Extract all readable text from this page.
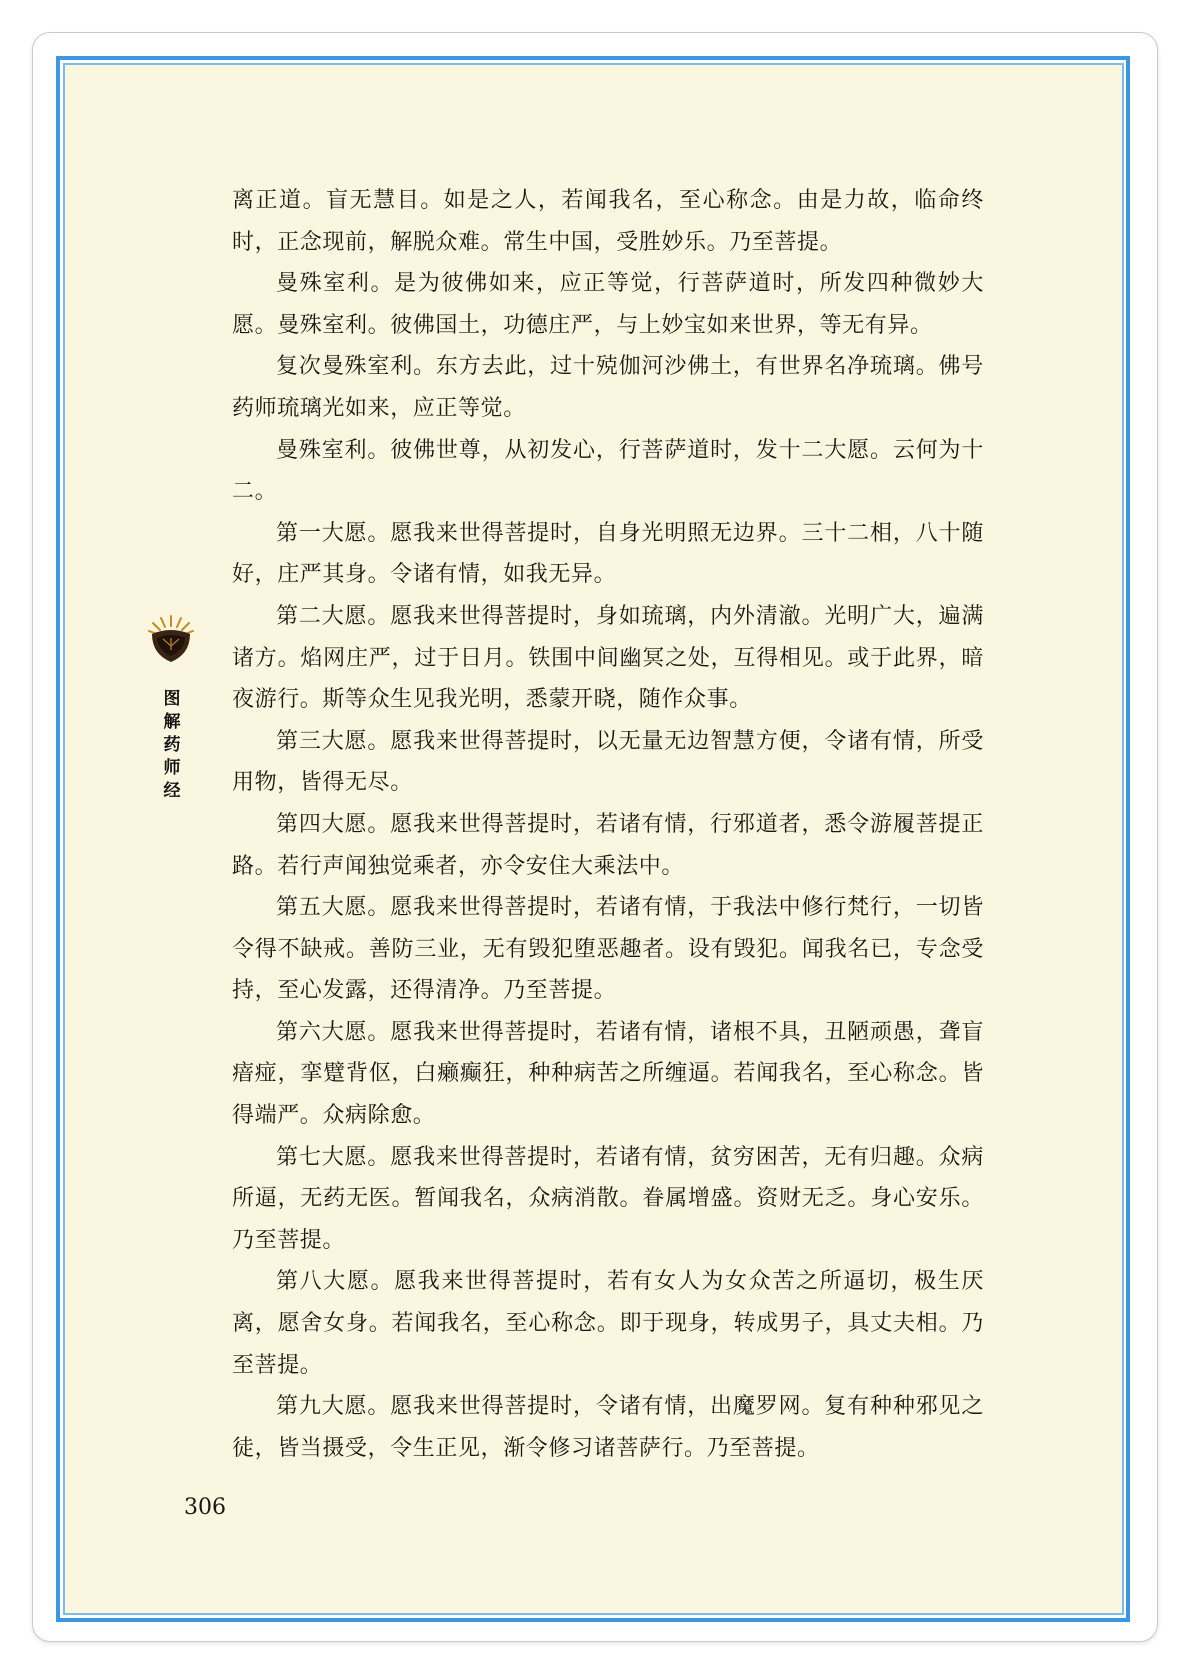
图
解
药
师
经

离正道。盲无慧目。如是之人，若闻我名，至心称念。由是力故，临命终时，正念现前，解脱众难。常生中国，受胜妙乐。乃至菩提。

曼殊室利。是为彼佛如来，应正等觉，行菩萨道时，所发四种微妙大愿。曼殊室利。彼佛国土，功德庄严，与上妙宝如来世界，等无有异。

复次曼殊室利。东方去此，过十殑伽河沙佛土，有世界名净琉璃。佛号药师琉璃光如来，应正等觉。

曼殊室利。彼佛世尊，从初发心，行菩萨道时，发十二大愿。云何为十二。

第一大愿。愿我来世得菩提时，自身光明照无边界。三十二相，八十随好，庄严其身。令诸有情，如我无异。

第二大愿。愿我来世得菩提时，身如琉璃，内外清澈。光明广大，遍满诸方。焰网庄严，过于日月。铁围中间幽冥之处，互得相见。或于此界，暗夜游行。斯等众生见我光明，悉蒙开晓，随作众事。

第三大愿。愿我来世得菩提时，以无量无边智慧方便，令诸有情，所受用物，皆得无尽。

第四大愿。愿我来世得菩提时，若诸有情，行邪道者，悉令游履菩提正路。若行声闻独觉乘者，亦令安住大乘法中。

第五大愿。愿我来世得菩提时，若诸有情，于我法中修行梵行，一切皆令得不缺戒。善防三业，无有毁犯堕恶趣者。设有毁犯。闻我名已，专念受持，至心发露，还得清净。乃至菩提。

第六大愿。愿我来世得菩提时，若诸有情，诸根不具，丑陋顽愚，聋盲瘖痖，挛躄背伛，白癞癫狂，种种病苦之所缠逼。若闻我名，至心称念。皆得端严。众病除愈。

第七大愿。愿我来世得菩提时，若诸有情，贫穷困苦，无有归趣。众病所逼，无药无医。暂闻我名，众病消散。眷属增盛。资财无乏。身心安乐。乃至菩提。

第八大愿。愿我来世得菩提时，若有女人为女众苦之所逼切，极生厌离，愿舍女身。若闻我名，至心称念。即于现身，转成男子，具丈夫相。乃至菩提。

第九大愿。愿我来世得菩提时，令诸有情，出魔罗网。复有种种邪见之徒，皆当摄受，令生正见，渐令修习诸菩萨行。乃至菩提。

306
